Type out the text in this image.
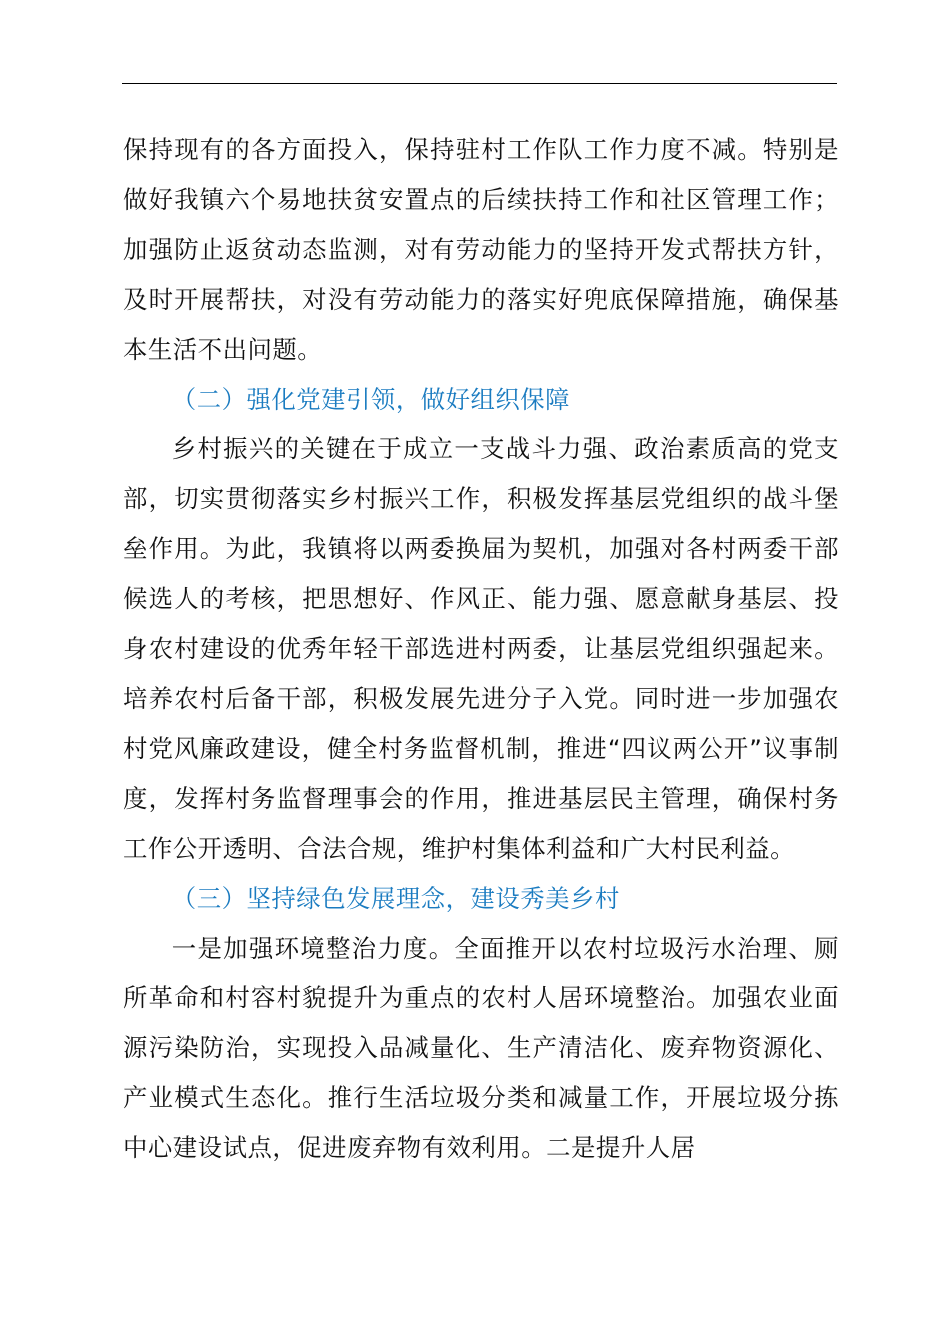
保持现有的各方面投入，保持驻村工作队工作力度不减。特别是做好我镇六个易地扶贫安置点的后续扶持工作和社区管理工作；加强防止返贫动态监测，对有劳动能力的坚持开发式帮扶方针，及时开展帮扶，对没有劳动能力的落实好兜底保障措施，确保基本生活不出问题。

（二）强化党建引领，做好组织保障

乡村振兴的关键在于成立一支战斗力强、政治素质高的党支部，切实贯彻落实乡村振兴工作，积极发挥基层党组织的战斗堡垒作用。为此，我镇将以两委换届为契机，加强对各村两委干部候选人的考核，把思想好、作风正、能力强、愿意献身基层、投身农村建设的优秀年轻干部选进村两委，让基层党组织强起来。培养农村后备干部，积极发展先进分子入党。同时进一步加强农村党风廉政建设，健全村务监督机制，推进“四议两公开”议事制度，发挥村务监督理事会的作用，推进基层民主管理，确保村务工作公开透明、合法合规，维护村集体利益和广大村民利益。

（三）坚持绿色发展理念，建设秀美乡村

一是加强环境整治力度。全面推开以农村垃圾污水治理、厕所革命和村容村貌提升为重点的农村人居环境整治。加强农业面源污染防治，实现投入品减量化、生产清洁化、废弃物资源化、产业模式生态化。推行生活垃圾分类和减量工作，开展垃圾分拣中心建设试点，促进废弃物有效利用。二是提升人居
